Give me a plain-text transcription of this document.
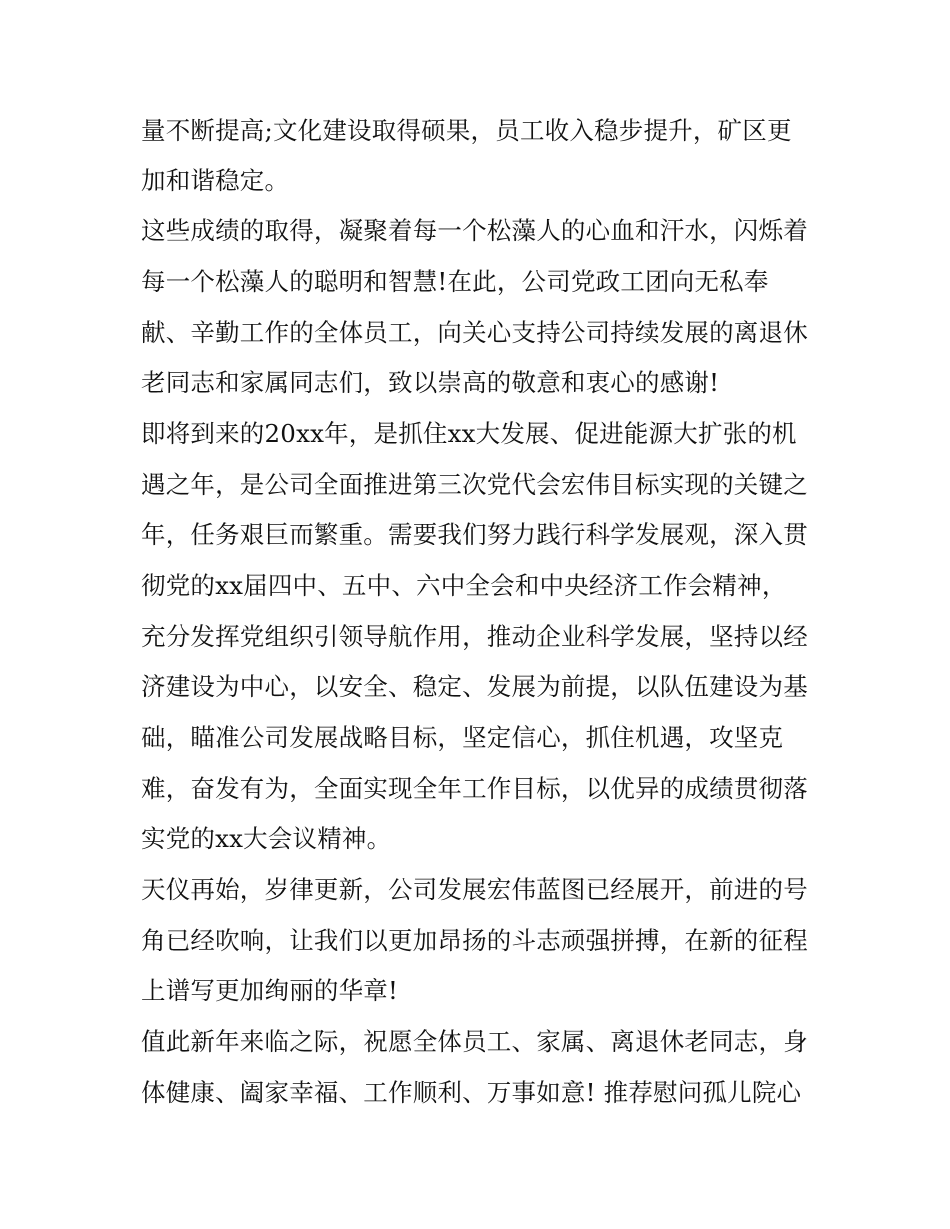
量不断提高;文化建设取得硕果，员工收入稳步提升，矿区更
加和谐稳定。
这些成绩的取得，凝聚着每一个松藻人的心血和汗水，闪烁着
每一个松藻人的聪明和智慧!在此，公司党政工团向无私奉
献、辛勤工作的全体员工，向关心支持公司持续发展的离退休
老同志和家属同志们，致以崇高的敬意和衷心的感谢!
即将到来的20xx年，是抓住xx大发展、促进能源大扩张的机
遇之年，是公司全面推进第三次党代会宏伟目标实现的关键之
年，任务艰巨而繁重。需要我们努力践行科学发展观，深入贯
彻党的xx届四中、五中、六中全会和中央经济工作会精神，
充分发挥党组织引领导航作用，推动企业科学发展，坚持以经
济建设为中心，以安全、稳定、发展为前提，以队伍建设为基
础，瞄准公司发展战略目标，坚定信心，抓住机遇，攻坚克
难，奋发有为，全面实现全年工作目标，以优异的成绩贯彻落
实党的xx大会议精神。
天仪再始，岁律更新，公司发展宏伟蓝图已经展开，前进的号
角已经吹响，让我们以更加昂扬的斗志顽强拼搏，在新的征程
上谱写更加绚丽的华章!
值此新年来临之际，祝愿全体员工、家属、离退休老同志，身
体健康、阖家幸福、工作顺利、万事如意! 推荐慰问孤儿院心
